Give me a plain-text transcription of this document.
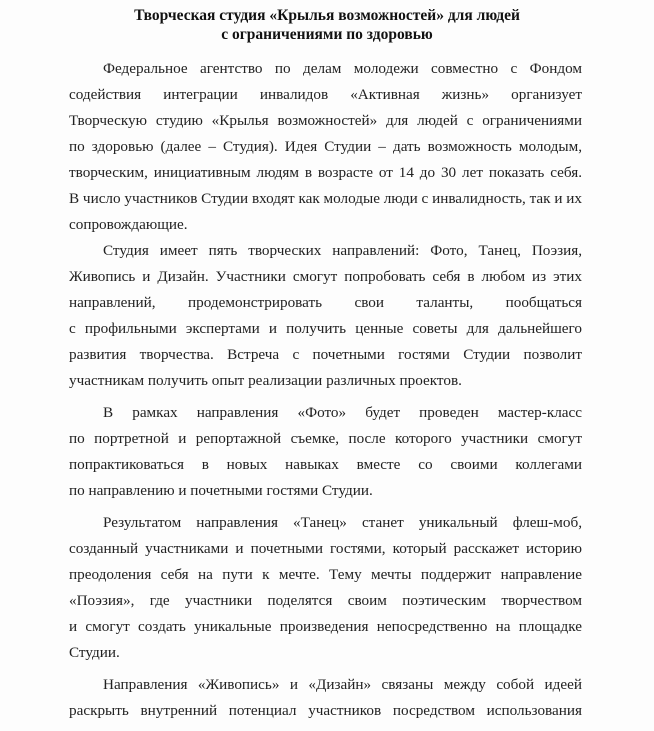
Творческая студия «Крылья возможностей» для людей
с ограничениями по здоровью
Федеральное агентство по делам молодежи совместно с Фондом
содействия интеграции инвалидов «Активная жизнь» организует
Творческую студию «Крылья возможностей» для людей с ограничениями
по здоровью (далее – Студия). Идея Студии – дать возможность молодым,
творческим, инициативным людям в возрасте от 14 до 30 лет показать себя.
В число участников Студии входят как молодые люди с инвалидность, так и их
сопровождающие.
Студия имеет пять творческих направлений: Фото, Танец, Поэзия,
Живопись и Дизайн. Участники смогут попробовать себя в любом из этих
направлений, продемонстрировать свои таланты, пообщаться
с профильными экспертами и получить ценные советы для дальнейшего
развития творчества. Встреча с почетными гостями Студии позволит
участникам получить опыт реализации различных проектов.
В рамках направления «Фото» будет проведен мастер-класс
по портретной и репортажной съемке, после которого участники смогут
попрактиковаться в новых навыках вместе со своими коллегами
по направлению и почетными гостями Студии.
Результатом направления «Танец» станет уникальный флеш-моб,
созданный участниками и почетными гостями, который расскажет историю
преодоления себя на пути к мечте. Тему мечты поддержит направление
«Поэзия», где участники поделятся своим поэтическим творчеством
и смогут создать уникальные произведения непосредственно на площадке
Студии.
Направления «Живопись» и «Дизайн» связаны между собой идеей
раскрыть внутренний потенциал участников посредством использования
